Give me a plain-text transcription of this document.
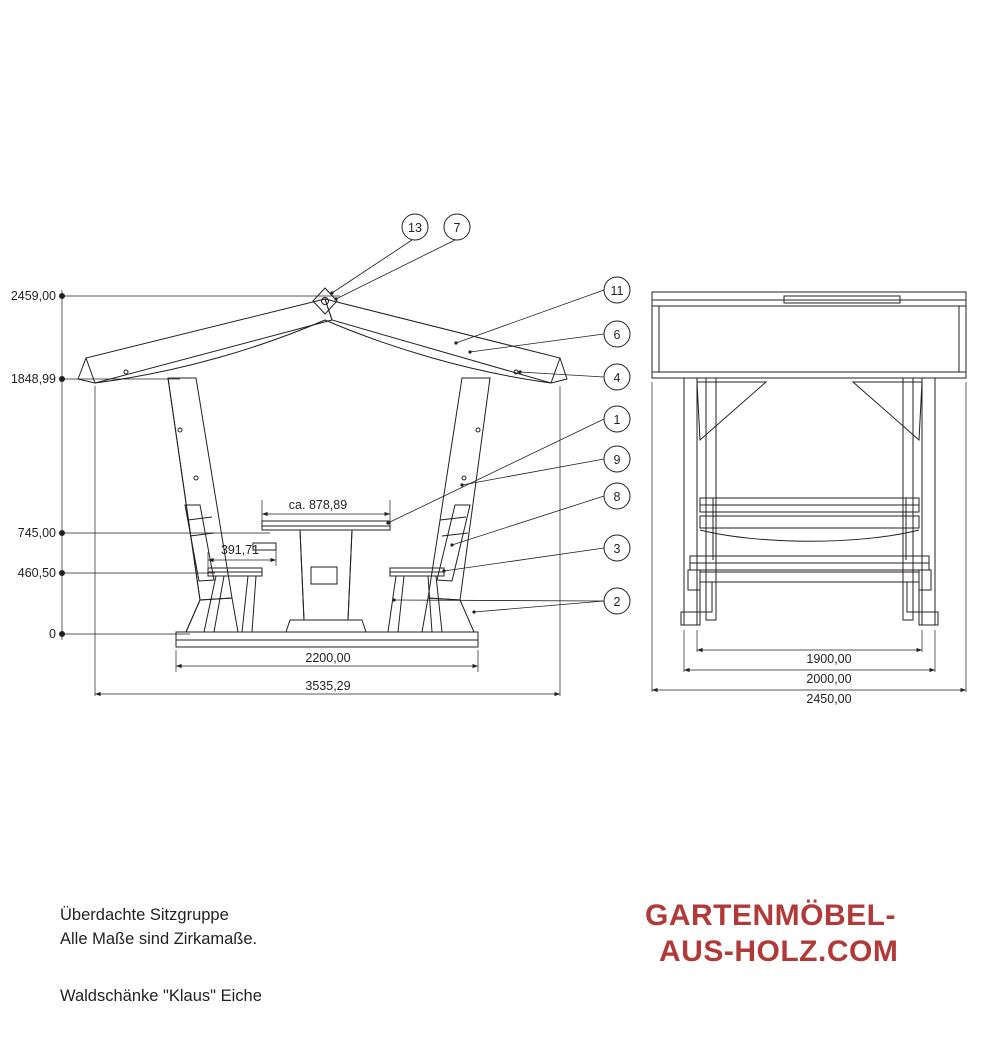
2459,00
1848,99
745,00
460,50
0
ca. 878,89
391,71
2200,00
3535,29
1900,00
2000,00
2450,00
13	7
11
6
4
1
9
8
3
2

Überdachte Sitzgruppe

Waldschänke "Klaus" Eiche

Alle Maße sind Zirkamaße.
GARTENMÖBEL-
AUS-HOLZ.COM
